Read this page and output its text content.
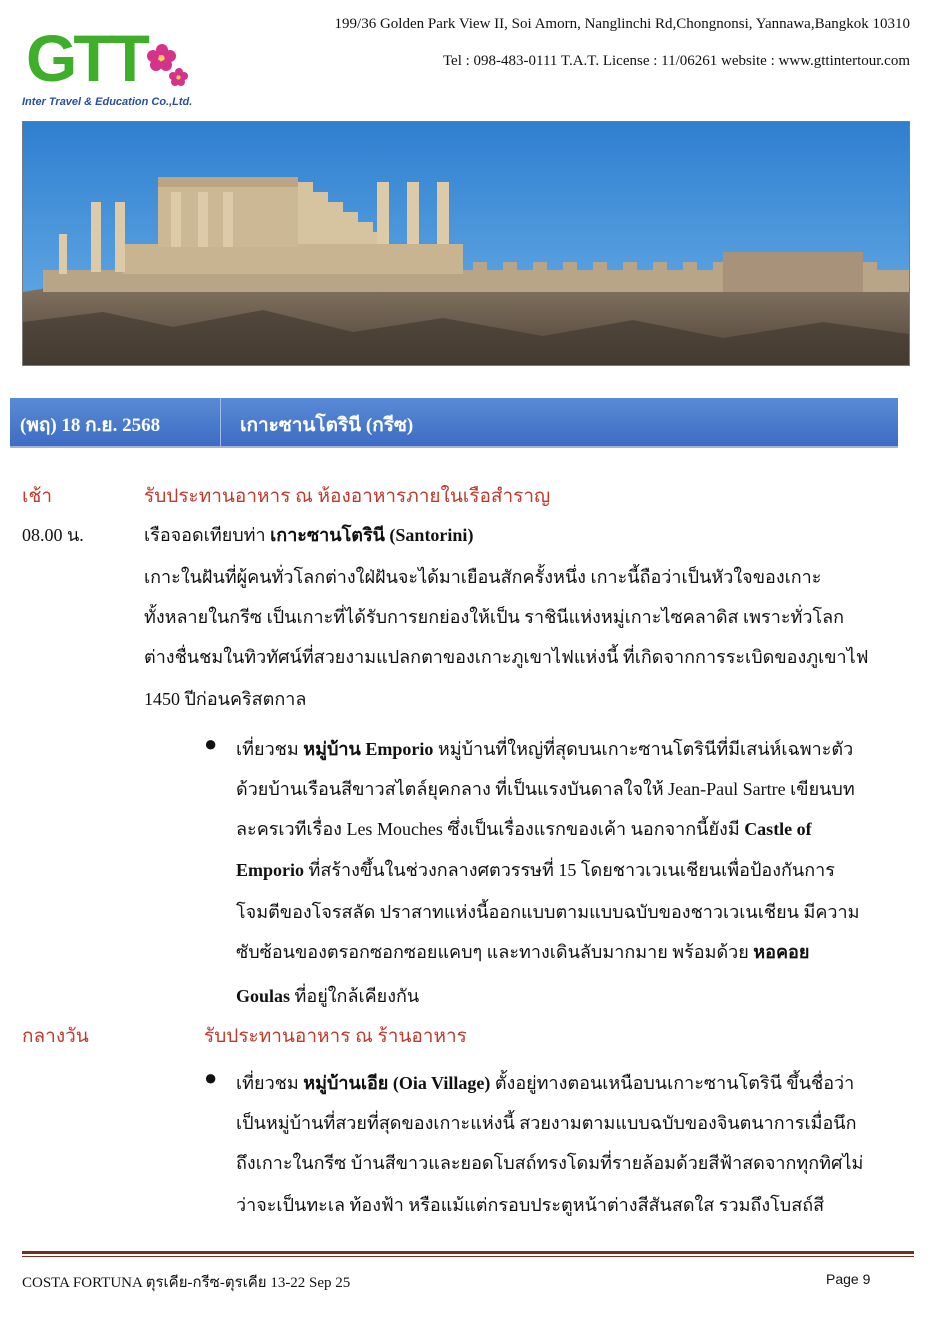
GTT
Inter Travel & Education Co.,Ltd.
199/36 Golden Park View II, Soi Amorn, Nanglinchi Rd,Chongnonsi, Yannawa,Bangkok 10310
Tel : 098-483-0111 T.A.T. License : 11/06261 website : www.gttintertour.com
(พฤ) 18 ก.ย. 2568	เกาะซานโตรินี (กรีซ)
เช้า	รับประทานอาหาร ณ ห้องอาหารภายในเรือสำราญ
08.00 น.	เรือจอดเทียบท่า เกาะซานโตรินี (Santorini)
เกาะในฝันที่ผู้คนทั่วโลกต่างใฝ่ฝันจะได้มาเยือนสักครั้งหนึ่ง เกาะนี้ถือว่าเป็นหัวใจของเกาะ
ทั้งหลายในกรีซ เป็นเกาะที่ได้รับการยกย่องให้เป็น ราชินีแห่งหมู่เกาะไซคลาดิส เพราะทั่วโลก
ต่างชื่นชมในทิวทัศน์ที่สวยงามแปลกตาของเกาะภูเขาไฟแห่งนี้ ที่เกิดจากการระเบิดของภูเขาไฟ
1450 ปีก่อนคริสตกาล
● เที่ยวชม หมู่บ้าน Emporio หมู่บ้านที่ใหญ่ที่สุดบนเกาะซานโตรินีที่มีเสน่ห์เฉพาะตัว
ด้วยบ้านเรือนสีขาวสไตล์ยุคกลาง ที่เป็นแรงบันดาลใจให้ Jean-Paul Sartre เขียนบท
ละครเวทีเรื่อง Les Mouches ซึ่งเป็นเรื่องแรกของเค้า นอกจากนี้ยังมี Castle of
Emporio ที่สร้างขึ้นในช่วงกลางศตวรรษที่ 15 โดยชาวเวเนเชียนเพื่อป้องกันการ
โจมตีของโจรสลัด ปราสาทแห่งนี้ออกแบบตามแบบฉบับของชาวเวเนเชียน มีความ
ซับซ้อนของตรอกซอกซอยแคบๆ และทางเดินลับมากมาย พร้อมด้วย หอคอย
Goulas ที่อยู่ใกล้เคียงกัน
กลางวัน	รับประทานอาหาร ณ ร้านอาหาร
● เที่ยวชม หมู่บ้านเอีย (Oia Village) ตั้งอยู่ทางตอนเหนือบนเกาะซานโตรินี ขึ้นชื่อว่า
เป็นหมู่บ้านที่สวยที่สุดของเกาะแห่งนี้ สวยงามตามแบบฉบับของจินตนาการเมื่อนึก
ถึงเกาะในกรีซ บ้านสีขาวและยอดโบสถ์ทรงโดมที่รายล้อมด้วยสีฟ้าสดจากทุกทิศไม่
ว่าจะเป็นทะเล ท้องฟ้า หรือแม้แต่กรอบประตูหน้าต่างสีสันสดใส รวมถึงโบสถ์สี
COSTA FORTUNA ตุรเคีย-กรีซ-ตุรเคีย 13-22 Sep 25	Page 9
